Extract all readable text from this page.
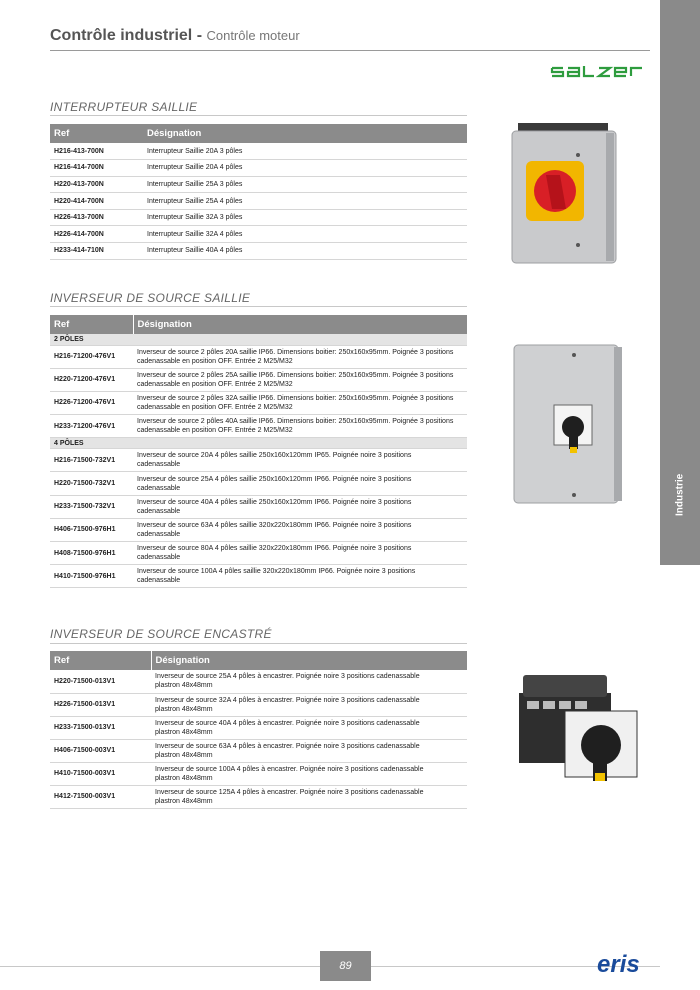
Contrôle industriel - Contrôle moteur
Industrie
salzer
INTERRUPTEUR SAILLIE
Ref	Désignation
H216-413-700N	Interrupteur Saillie 20A 3 pôles
H216-414-700N	Interrupteur Saillie 20A 4 pôles
H220-413-700N	Interrupteur Saillie 25A 3 pôles
H220-414-700N	Interrupteur Saillie 25A 4 pôles
H226-413-700N	Interrupteur Saillie 32A 3 pôles
H226-414-700N	Interrupteur Saillie 32A 4 pôles
H233-414-710N	Interrupteur Saillie 40A 4 pôles
INVERSEUR DE SOURCE SAILLIE
Ref	Désignation
2 PÔLES	
H216-71200-476V1	Inverseur de source 2 pôles 20A saillie IP66. Dimensions boitier: 250x160x95mm. Poignée 3 positions
cadenassable en position OFF. Entrée 2 M25/M32

H220-71200-476V1	Inverseur de source 2 pôles 25A saillie IP66. Dimensions boitier: 250x160x95mm. Poignée 3 positions
cadenassable en position OFF. Entrée 2 M25/M32

H226-71200-476V1	Inverseur de source 2 pôles 32A saillie IP66. Dimensions boitier: 250x160x95mm. Poignée 3 positions
cadenassable en position OFF. Entrée 2 M25/M32

H233-71200-476V1	Inverseur de source 2 pôles 40A saillie IP66. Dimensions boitier: 250x160x95mm. Poignée 3 positions
cadenassable en position OFF. Entrée 2 M25/M32

4 PÔLES	
H216-71500-732V1	Inverseur de source 20A 4 pôles saillie 250x160x120mm IP65. Poignée noire 3 positions
cadenassable

H220-71500-732V1	Inverseur de source 25A 4 pôles saillie 250x160x120mm IP66. Poignée noire 3 positions
cadenassable

H233-71500-732V1	Inverseur de source 40A 4 pôles saillie 250x160x120mm IP66. Poignée noire 3 positions
cadenassable

H406-71500-976H1	Inverseur de source 63A 4 pôles saillie 320x220x180mm IP66. Poignée noire 3 positions
cadenassable

H408-71500-976H1	Inverseur de source 80A 4 pôles saillie 320x220x180mm IP66. Poignée noire 3 positions
cadenassable

H410-71500-976H1	Inverseur de source 100A 4 pôles saillie 320x220x180mm IP66. Poignée noire 3 positions
cadenassable
INVERSEUR DE SOURCE ENCASTRÉ
Ref	Désignation
H220-71500-013V1	Inverseur de source 25A 4 pôles à encastrer. Poignée noire 3 positions cadenassable
plastron 48x48mm

H226-71500-013V1	Inverseur de source 32A 4 pôles à encastrer. Poignée noire 3 positions cadenassable
plastron 48x48mm

H233-71500-013V1	Inverseur de source 40A 4 pôles à encastrer. Poignée noire 3 positions cadenassable
plastron 48x48mm

H406-71500-003V1	Inverseur de source 63A 4 pôles à encastrer. Poignée noire 3 positions cadenassable
plastron 48x48mm

H410-71500-003V1	Inverseur de source 100A 4 pôles à encastrer. Poignée noire 3 positions cadenassable
plastron 48x48mm

H412-71500-003V1	Inverseur de source 125A 4 pôles à encastrer. Poignée noire 3 positions cadenassable
plastron 48x48mm
89	eris
